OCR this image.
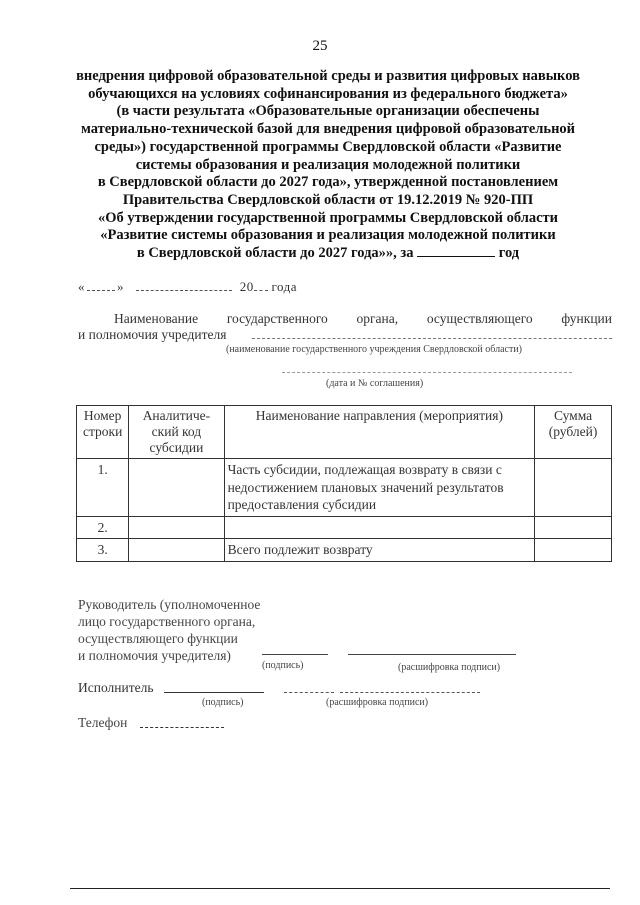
25
внедрения цифровой образовательной среды и развития цифровых навыков
обучающихся на условиях софинансирования из федерального бюджета»
(в части результата «Образовательные организации обеспечены
материально-технической базой для внедрения цифровой образовательной
среды») государственной программы Свердловской области «Развитие
системы образования и реализация молодежной политики
в Свердловской области до 2027 года», утвержденной постановлением
Правительства Свердловской области от 19.12.2019 № 920-ПП
«Об утверждении государственной программы Свердловской области
«Развитие системы образования и реализация молодежной политики
в Свердловской области до 2027 года»», за	год
« »	20 года
Наименование государственного органа, осуществляющего функции
и полномочия учредителя
(наименование государственного учреждения Свердловской области)
(дата и № соглашения)
Номер строки	Аналитиче-ский код субсидии	Наименование направления (мероприятия)	Сумма (рублей)
1.		Часть субсидии, подлежащая возврату в связи с недостижением плановых значений результатов предоставления субсидии	
2.			
3.		Всего подлежит возврату	
Руководитель (уполномоченное
лицо государственного органа,
осуществляющего функции
и полномочия учредителя)
(подпись)	(расшифровка подписи)
Исполнитель
(подпись)	(расшифровка подписи)
Телефон
